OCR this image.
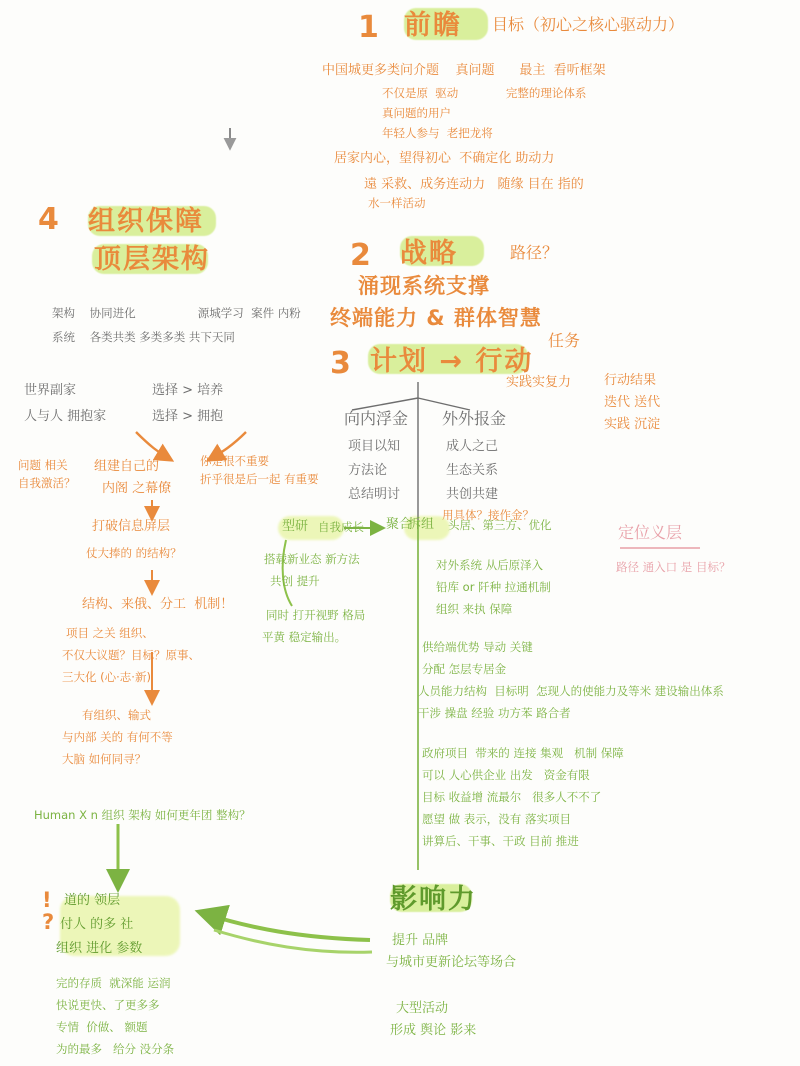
1 前瞻 目标（初心之核心驱动力）
中国城更多类问介题    真问题      最主  看听框架
不仅是原  驱动             完整的理论体系
真问题的用户
年轻人参与  老把龙将
居家内心，望得初心  不确定化 助动力
遠 采救、成务连动力   随缘 目在 指的
水一样活动
4 组织保障
顶层架构
架构    协同进化                 源城学习  案件 内粉
系统    各类共类 多类多类 共下天同
世界副家	选择 > 培养
人与人 拥抱家	选择 > 拥抱
问题 相关
自我激活？
组建自己的
内阁 之幕僚
你是很不重要
折乎很是后一起 有重要
打破信息屏层
仗大捧的 的结构？
结构、来俄、分工  机制！
项目 之关 组织、
不仅大议题？目标？原事、
三大化 (心·志·新)
有组织、输式
与内部 关的 有何不等
大脑 如何同寻？
Human X n 组织 架构 如何更年团 整构？
!
?
道的 领层
付人 的多 社
组织 进化 参数
完的存质  就深能 运润
快说更快、了更多多
专情  价做、 额题
为的最多   给分 没分条
2 战略	路径？
涌现系统支撑
终端能力 & 群体智慧
3 计划 → 行动
任务
实践实复力	行动结果
迭代 送代
实践 沉淀
向内浮金
项目以知
方法论
总结明讨
外外报金
成人之己
生态关系
共创共建
用具体？接作金？
型研 自我成长 聚合
拆组 头居、第三方、优化
搭载新业态 新方法
共创 提升
同时 打开视野 格局
平黄 稳定输出。
对外系统 从后原泽入
铅库 or 阡种 拉通机制
组织 来执 保障
供给端优势 导动 关键
分配 怎层专居金
人员能力结构  目标明  怎现人的使能力及等米 建设输出体系
干涉 操盘 经验 功方苯 路合者
政府项目  带来的 连接 集观   机制 保障
可以 人心供企业 出发   资金有限
目标 收益增 流最尔   很多人不不了
愿望 做 表示，没有 落实项目
讲算后、干事、干政 目前 推进
定位义层
路径 通入口 是 目标？
影响力
提升 品牌
与城市更新论坛等场合
大型活动
形成 舆论 影来
